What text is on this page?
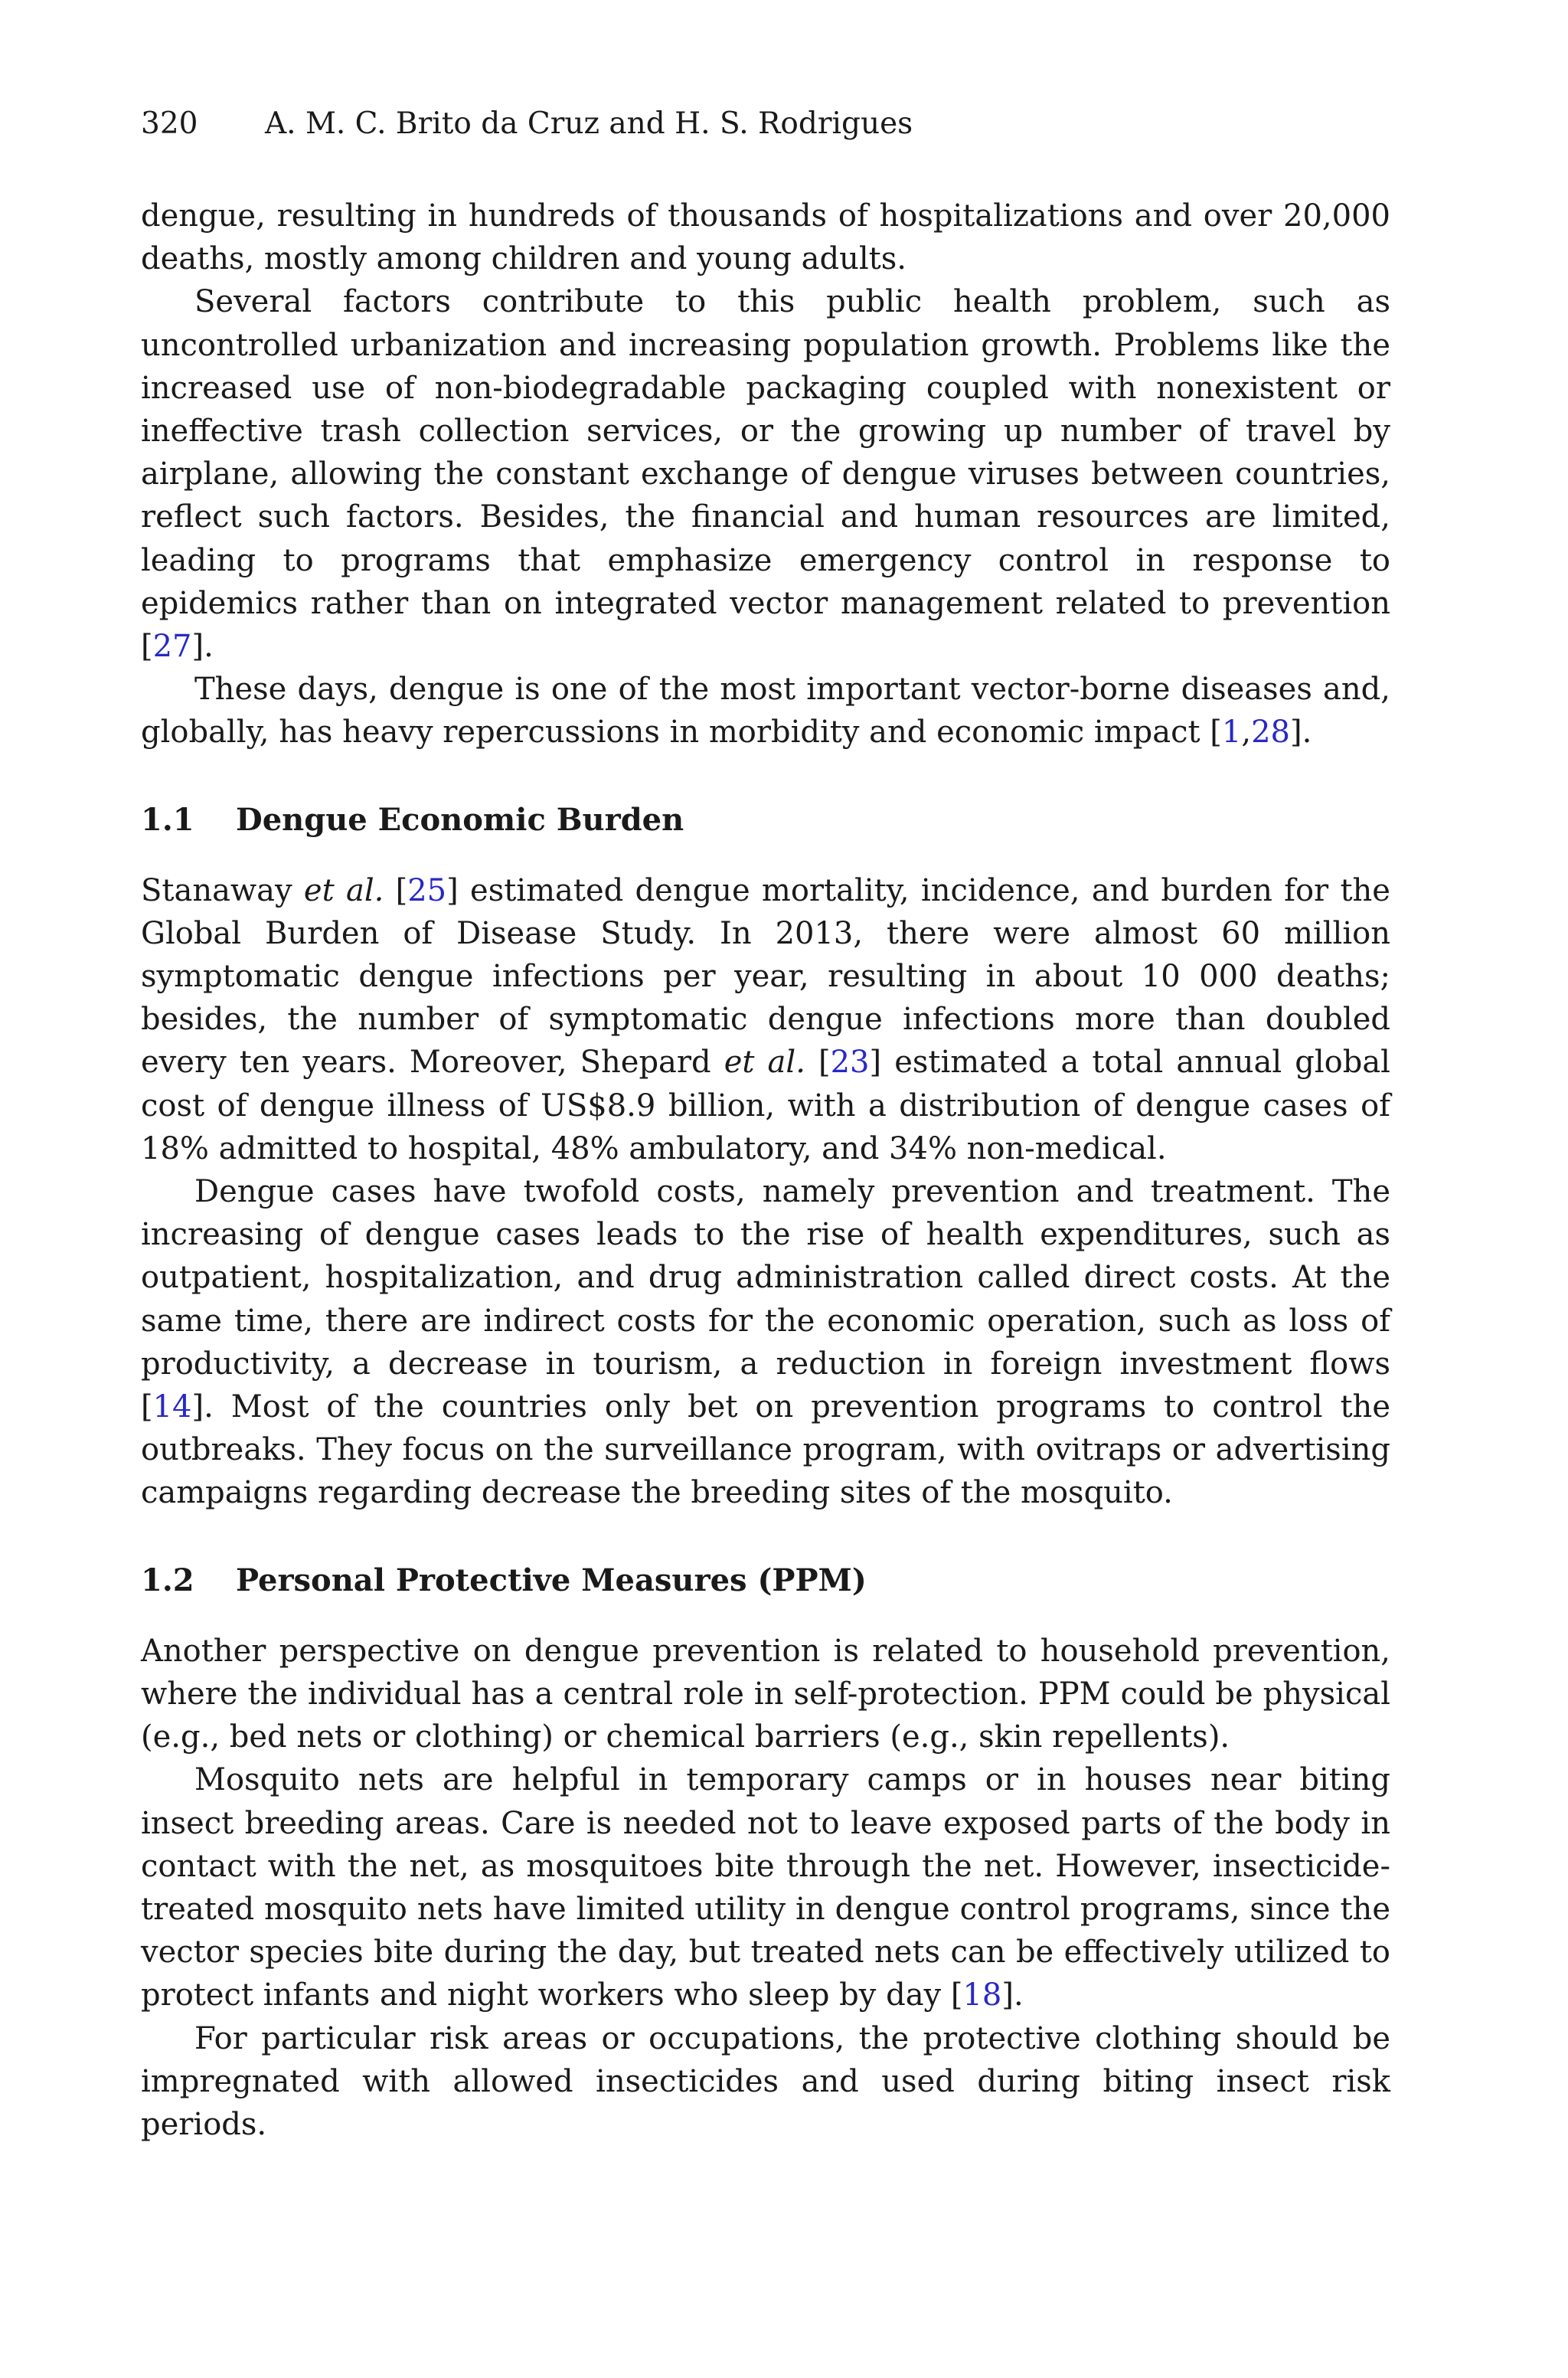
320 A. M. C. Brito da Cruz and H. S. Rodrigues

dengue, resulting in hundreds of thousands of hospitalizations and over 20,000 deaths, mostly among children and young adults.

Several factors contribute to this public health problem, such as uncontrolled urbanization and increasing population growth. Problems like the increased use of non-biodegradable packaging coupled with nonexistent or ineffective trash collection services, or the growing up number of travel by airplane, allowing the constant exchange of dengue viruses between countries, reflect such factors. Besides, the financial and human resources are limited, leading to programs that emphasize emergency control in response to epidemics rather than on integrated vector management related to prevention [27].

These days, dengue is one of the most important vector-borne diseases and, globally, has heavy repercussions in morbidity and economic impact [1,28].

1.1 Dengue Economic Burden

Stanaway et al. [25] estimated dengue mortality, incidence, and burden for the Global Burden of Disease Study. In 2013, there were almost 60 million symptomatic dengue infections per year, resulting in about 10 000 deaths; besides, the number of symptomatic dengue infections more than doubled every ten years. Moreover, Shepard et al. [23] estimated a total annual global cost of dengue illness of US$8.9 billion, with a distribution of dengue cases of 18% admitted to hospital, 48% ambulatory, and 34% non-medical.

Dengue cases have twofold costs, namely prevention and treatment. The increasing of dengue cases leads to the rise of health expenditures, such as outpatient, hospitalization, and drug administration called direct costs. At the same time, there are indirect costs for the economic operation, such as loss of productivity, a decrease in tourism, a reduction in foreign investment flows [14]. Most of the countries only bet on prevention programs to control the outbreaks. They focus on the surveillance program, with ovitraps or advertising campaigns regarding decrease the breeding sites of the mosquito.

1.2 Personal Protective Measures (PPM)

Another perspective on dengue prevention is related to household prevention, where the individual has a central role in self-protection. PPM could be physical (e.g., bed nets or clothing) or chemical barriers (e.g., skin repellents).

Mosquito nets are helpful in temporary camps or in houses near biting insect breeding areas. Care is needed not to leave exposed parts of the body in contact with the net, as mosquitoes bite through the net. However, insecticide-treated mosquito nets have limited utility in dengue control programs, since the vector species bite during the day, but treated nets can be effectively utilized to protect infants and night workers who sleep by day [18].

For particular risk areas or occupations, the protective clothing should be impregnated with allowed insecticides and used during biting insect risk periods.
